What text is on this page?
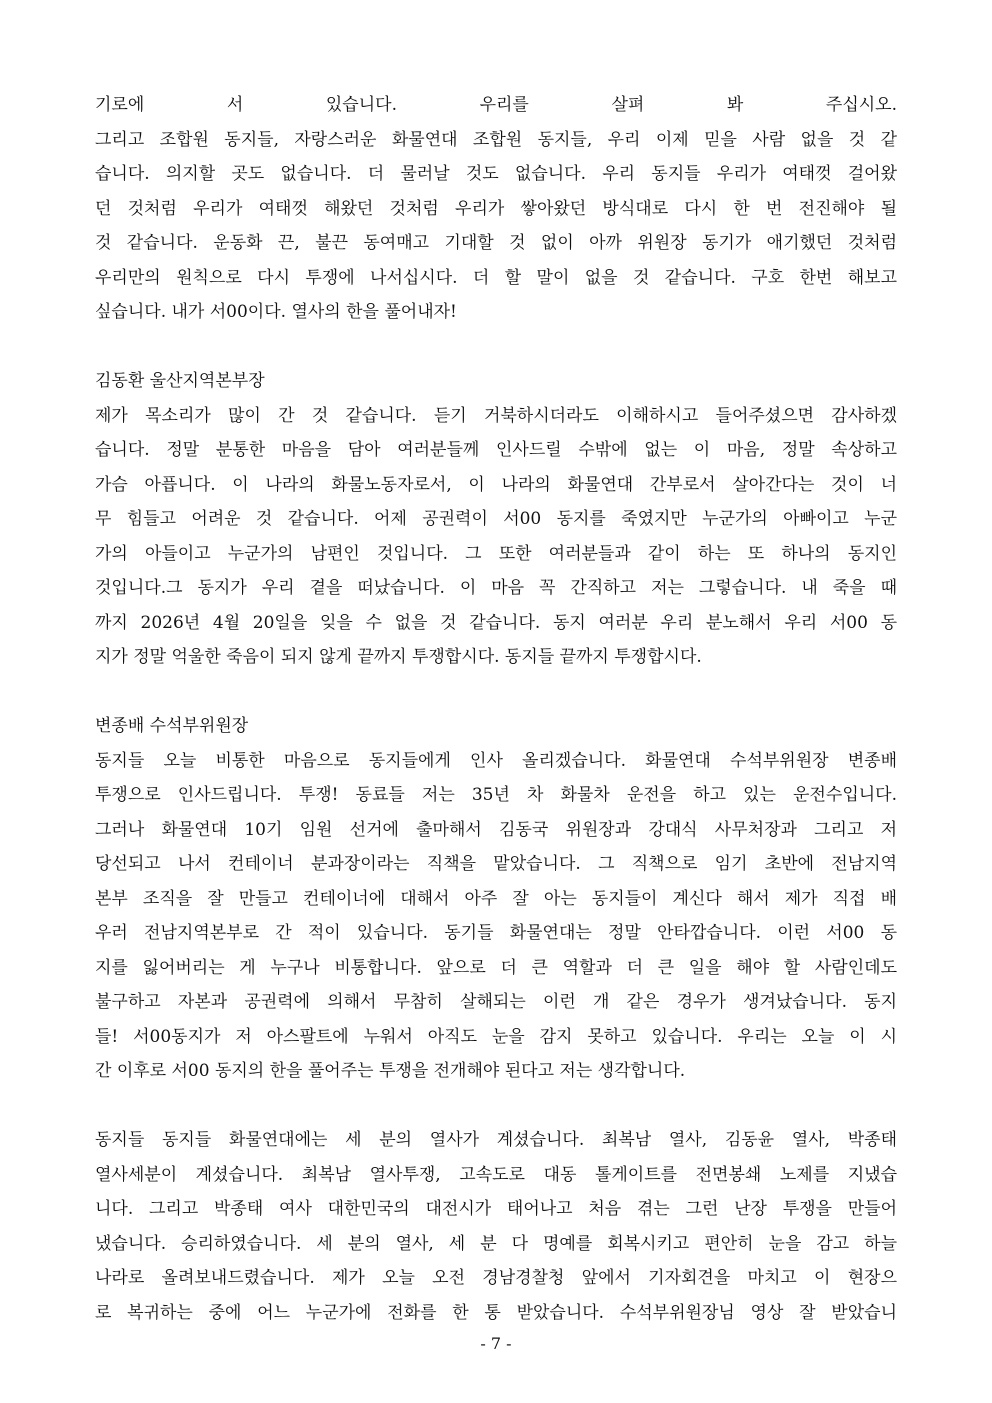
기로에 서 있습니다. 우리를 살펴 봐 주십시오.
그리고 조합원 동지들, 자랑스러운 화물연대 조합원 동지들, 우리 이제 믿을 사람 없을 것 같
습니다. 의지할 곳도 없습니다. 더 물러날 것도 없습니다. 우리 동지들 우리가 여태껏 걸어왔
던 것처럼 우리가 여태껏 해왔던 것처럼 우리가 쌓아왔던 방식대로 다시 한 번 전진해야 될
것 같습니다. 운동화 끈, 불끈 동여매고 기대할 것 없이 아까 위원장 동기가 애기했던 것처럼
우리만의 원칙으로 다시 투쟁에 나서십시다. 더 할 말이 없을 것 같습니다. 구호 한번 해보고
싶습니다. 내가 서00이다. 열사의 한을 풀어내자!

김동환 울산지역본부장

제가 목소리가 많이 간 것 같습니다. 듣기 거북하시더라도 이해하시고 들어주셨으면 감사하겠
습니다. 정말 분통한 마음을 담아 여러분들께 인사드릴 수밖에 없는 이 마음, 정말 속상하고
가슴 아픕니다. 이 나라의 화물노동자로서, 이 나라의 화물연대 간부로서 살아간다는 것이 너
무 힘들고 어려운 것 같습니다. 어제 공권력이 서00 동지를 죽였지만 누군가의 아빠이고 누군
가의 아들이고 누군가의 남편인 것입니다. 그 또한 여러분들과 같이 하는 또 하나의 동지인
것입니다.그 동지가 우리 곁을 떠났습니다. 이 마음 꼭 간직하고 저는 그렇습니다. 내 죽을 때
까지 2026년 4월 20일을 잊을 수 없을 것 같습니다. 동지 여러분 우리 분노해서 우리 서00 동
지가 정말 억울한 죽음이 되지 않게 끝까지 투쟁합시다. 동지들 끝까지 투쟁합시다.

변종배 수석부위원장

동지들 오늘 비통한 마음으로 동지들에게 인사 올리겠습니다. 화물연대 수석부위원장 변종배
투쟁으로 인사드립니다. 투쟁! 동료들 저는 35년 차 화물차 운전을 하고 있는 운전수입니다.
그러나 화물연대 10기 임원 선거에 출마해서 김동국 위원장과 강대식 사무처장과 그리고 저
당선되고 나서 컨테이너 분과장이라는 직책을 맡았습니다. 그 직책으로 임기 초반에 전남지역
본부 조직을 잘 만들고 컨테이너에 대해서 아주 잘 아는 동지들이 계신다 해서 제가 직접 배
우러 전남지역본부로 간 적이 있습니다. 동기들 화물연대는 정말 안타깝습니다. 이런 서00 동
지를 잃어버리는 게 누구나 비통합니다. 앞으로 더 큰 역할과 더 큰 일을 해야 할 사람인데도
불구하고 자본과 공권력에 의해서 무참히 살해되는 이런 개 같은 경우가 생겨났습니다. 동지
들! 서00동지가 저 아스팔트에 누워서 아직도 눈을 감지 못하고 있습니다. 우리는 오늘 이 시
간 이후로 서00 동지의 한을 풀어주는 투쟁을 전개해야 된다고 저는 생각합니다.

동지들 동지들 화물연대에는 세 분의 열사가 계셨습니다. 최복남 열사, 김동윤 열사, 박종태
열사세분이 계셨습니다. 최복남 열사투쟁, 고속도로 대동 톨게이트를 전면봉쇄 노제를 지냈습
니다. 그리고 박종태 여사 대한민국의 대전시가 태어나고 처음 겪는 그런 난장 투쟁을 만들어
냈습니다. 승리하였습니다. 세 분의 열사, 세 분 다 명예를 회복시키고 편안히 눈을 감고 하늘
나라로 올려보내드렸습니다. 제가 오늘 오전 경남경찰청 앞에서 기자회견을 마치고 이 현장으
로 복귀하는 중에 어느 누군가에 전화를 한 통 받았습니다. 수석부위원장님 영상 잘 받았습니

- 7 -
